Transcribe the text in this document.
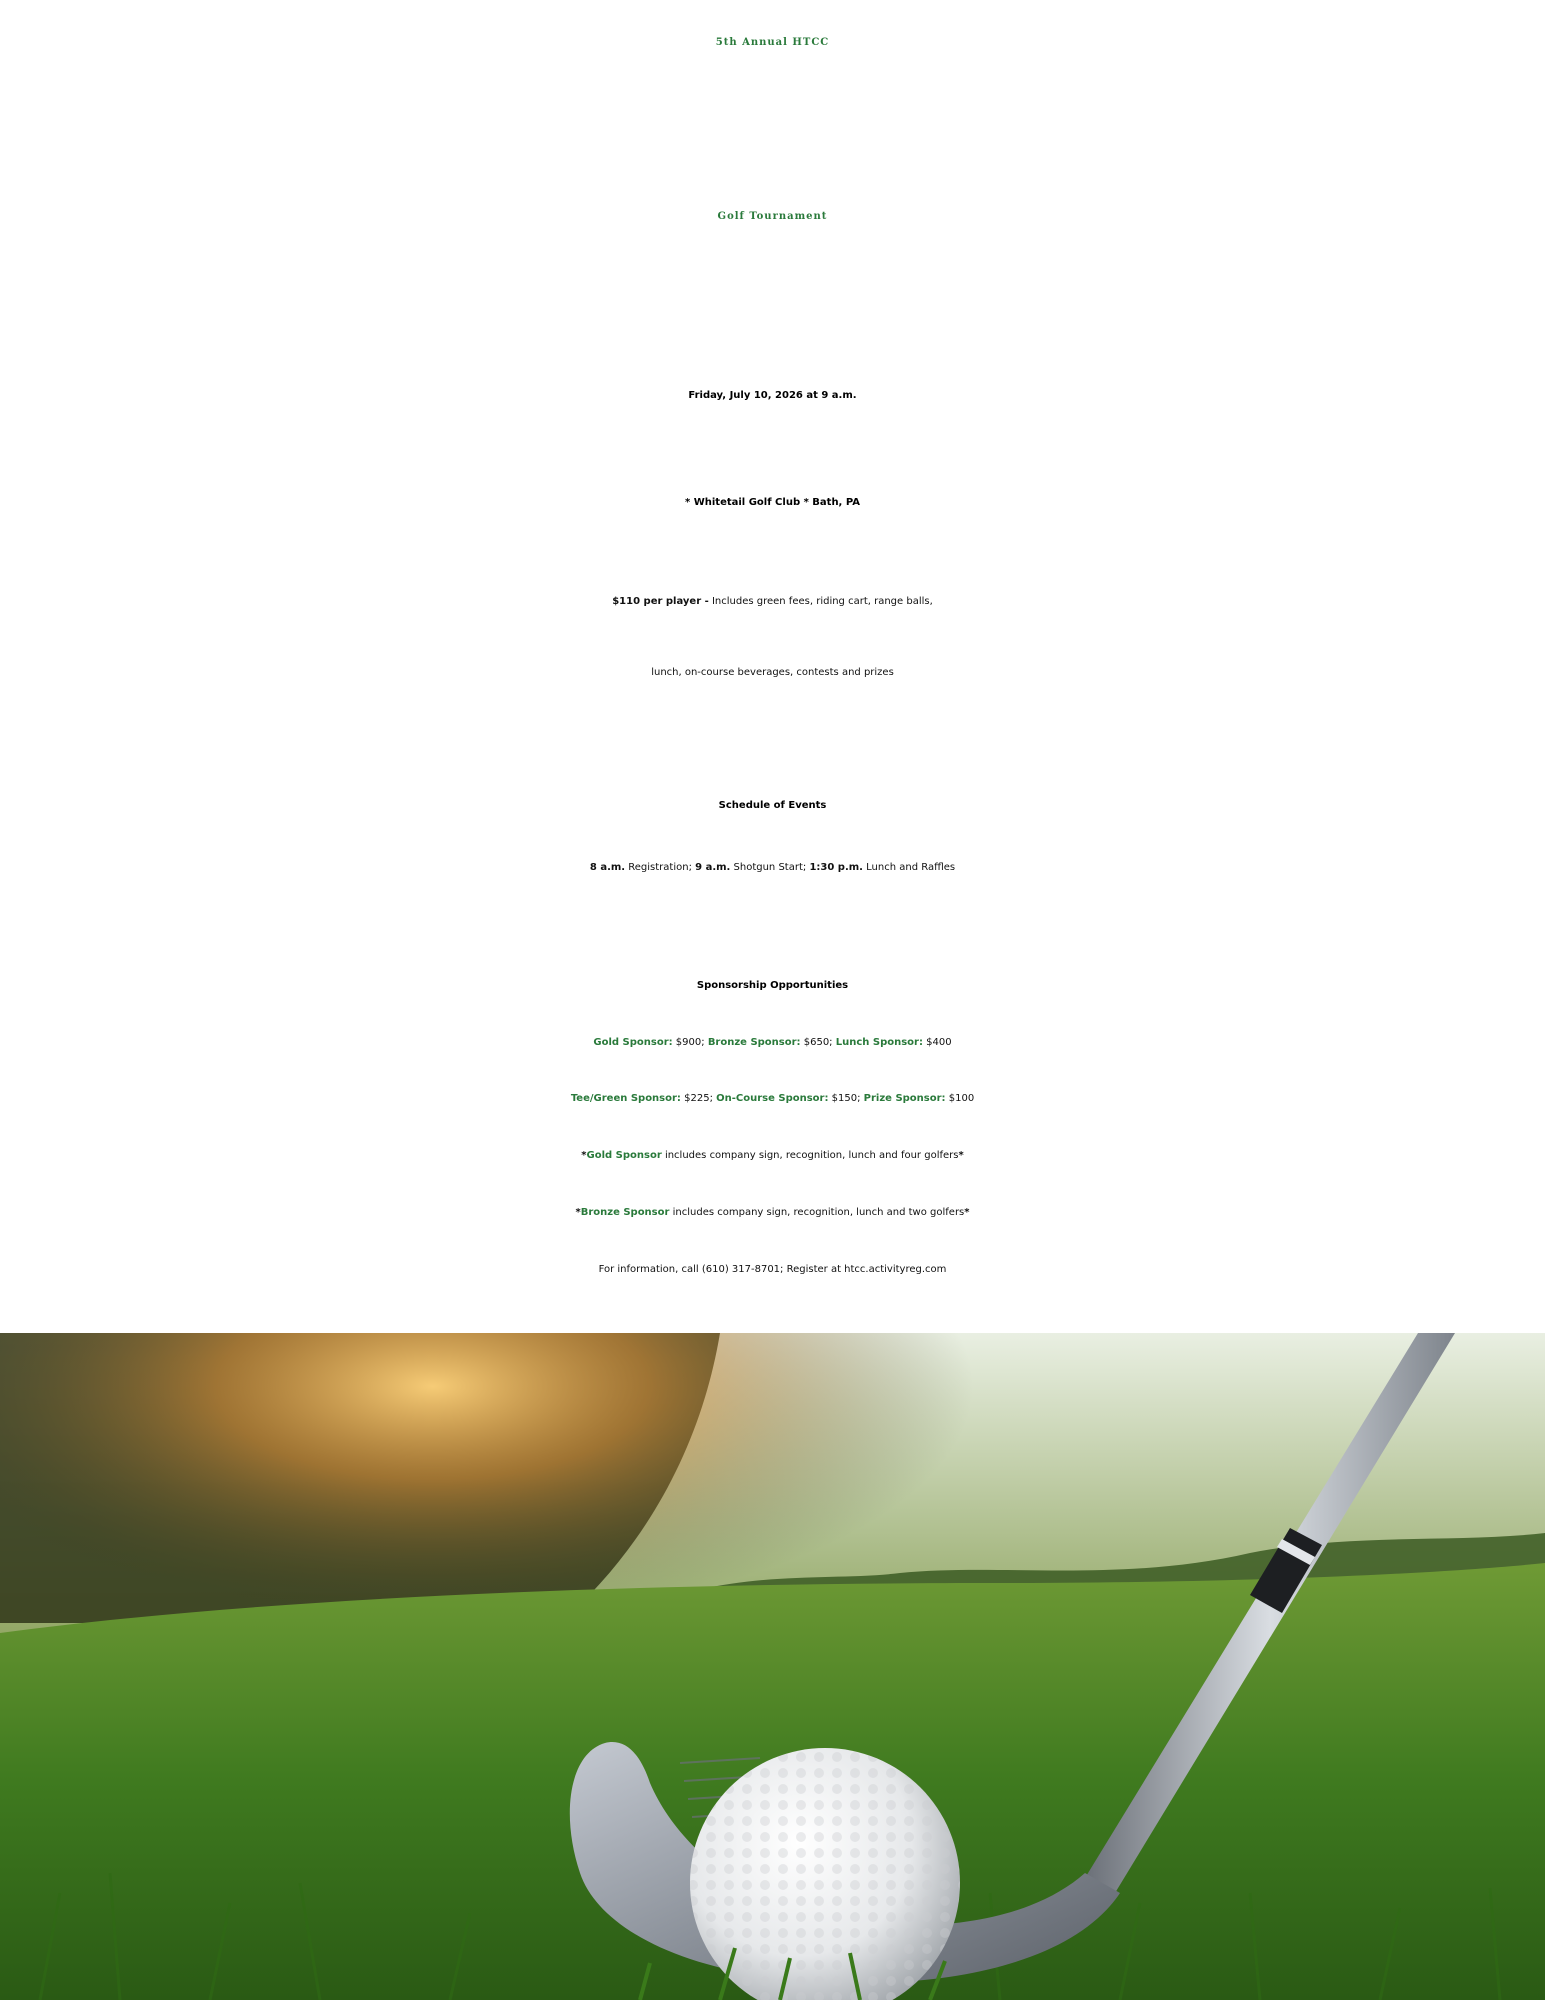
5th Annual HTCC
Golf Tournament
Friday, July 10, 2026 at 9 a.m.
* Whitetail Golf Club * Bath, PA
$110 per player - Includes green fees, riding cart, range balls,
lunch, on-course beverages, contests and prizes
Schedule of Events
8 a.m. Registration; 9 a.m. Shotgun Start; 1:30 p.m. Lunch and Raffles
Sponsorship Opportunities
Gold Sponsor: $900; Bronze Sponsor: $650; Lunch Sponsor: $400
Tee/Green Sponsor: $225; On-Course Sponsor: $150; Prize Sponsor: $100
*Gold Sponsor includes company sign, recognition, lunch and four golfers*
*Bronze Sponsor includes company sign, recognition, lunch and two golfers*
For information, call (610) 317-8701; Register at htcc.activityreg.com
